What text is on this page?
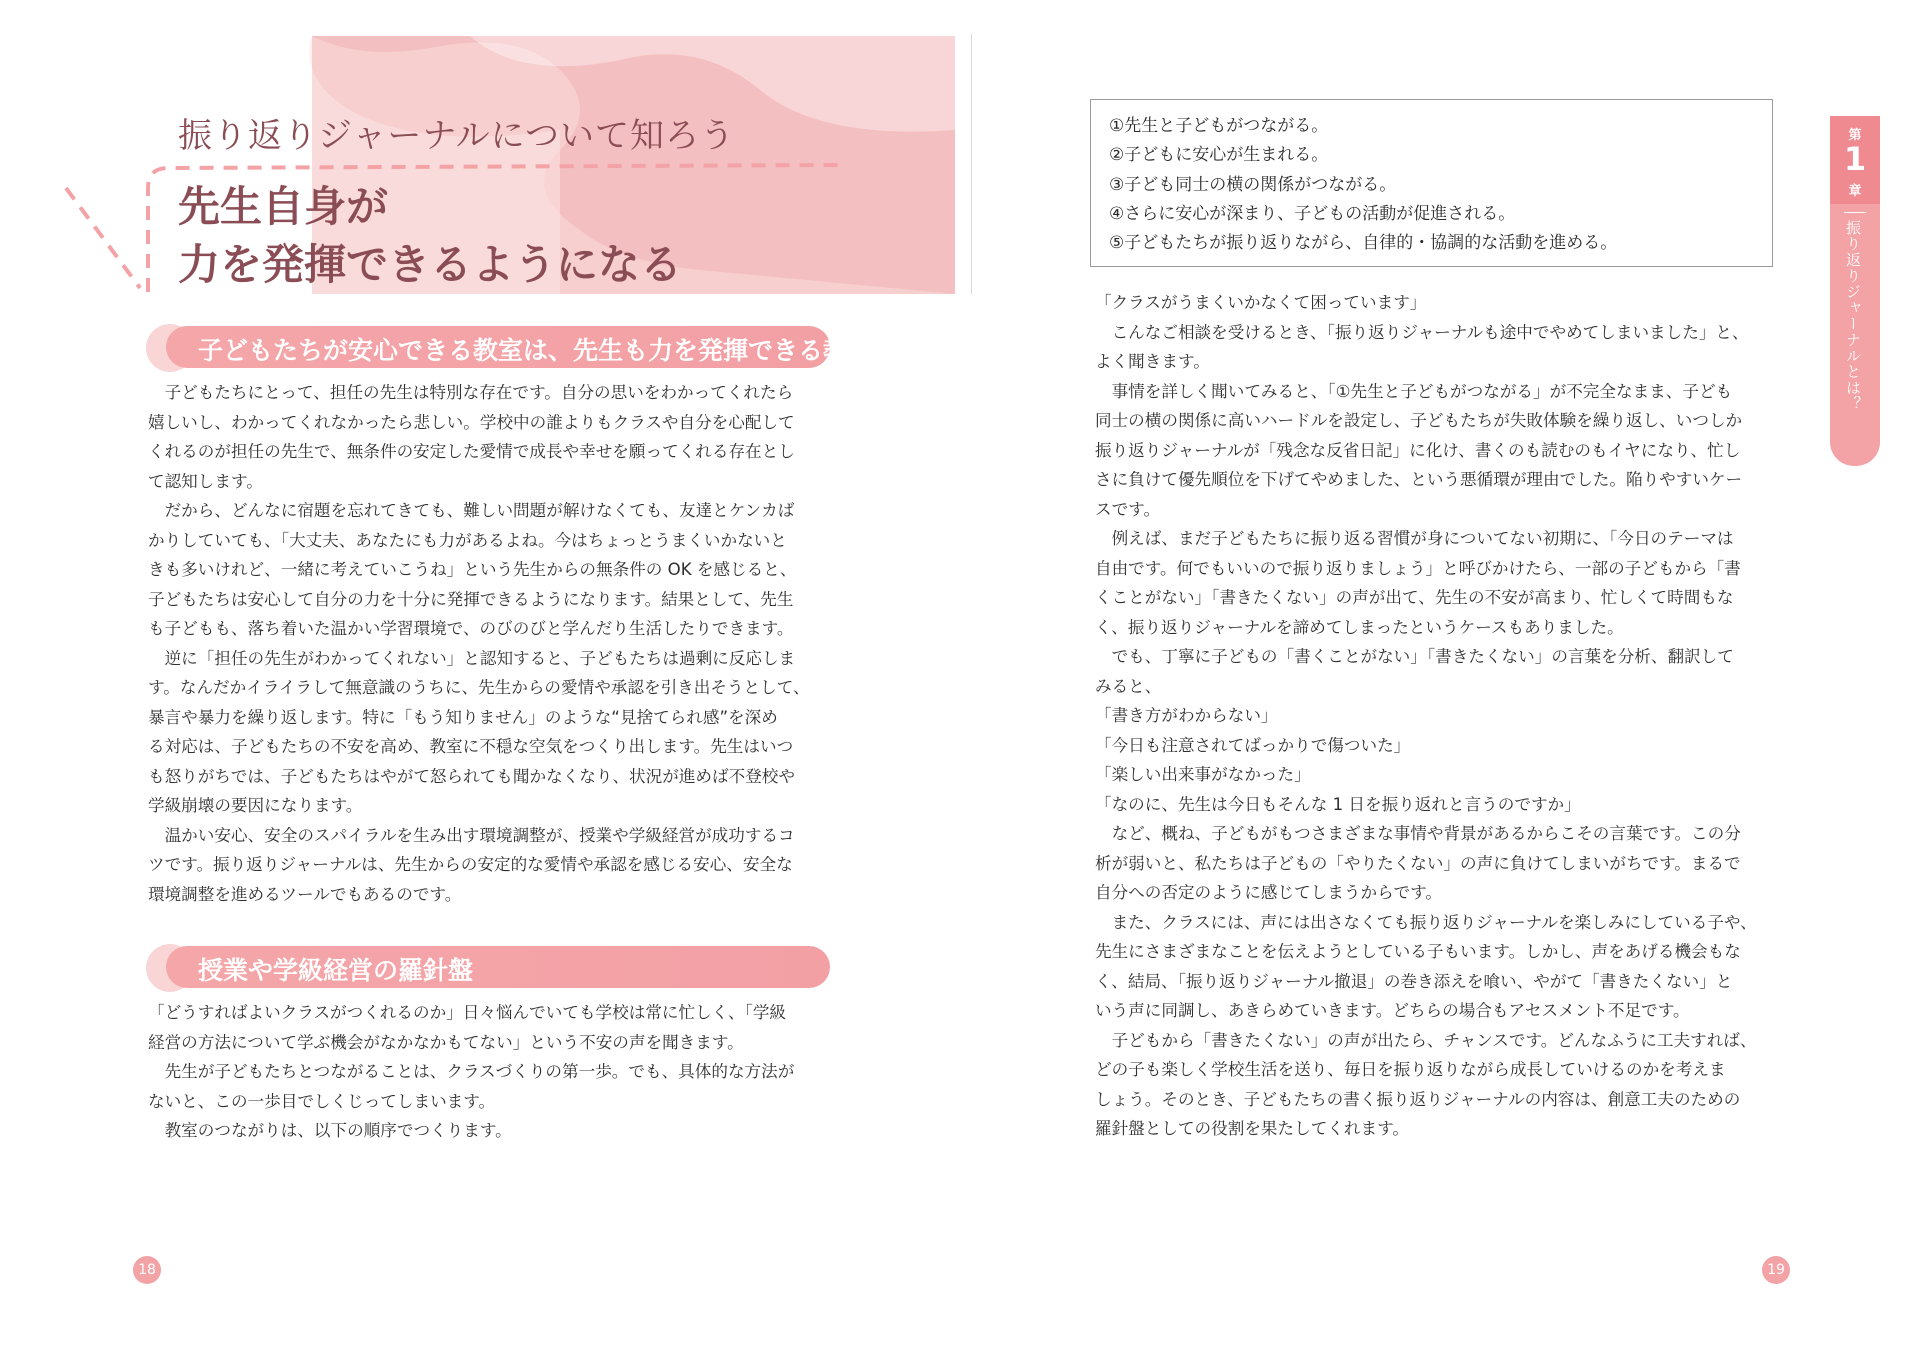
振り返りジャーナルについて知ろう
先生自身が
力を発揮できるようになる
子どもたちが安心できる教室は、先生も力を発揮できる教室

　子どもたちにとって、担任の先生は特別な存在です。自分の思いをわかってくれたら

嬉しいし、わかってくれなかったら悲しい。学校中の誰よりもクラスや自分を心配して

くれるのが担任の先生で、無条件の安定した愛情で成長や幸せを願ってくれる存在とし

て認知します。

　だから、どんなに宿題を忘れてきても、難しい問題が解けなくても、友達とケンカば

かりしていても、「大丈夫、あなたにも力があるよね。今はちょっとうまくいかないと

きも多いけれど、一緒に考えていこうね」という先生からの無条件の OK を感じると、

子どもたちは安心して自分の力を十分に発揮できるようになります。結果として、先生

も子どもも、落ち着いた温かい学習環境で、のびのびと学んだり生活したりできます。

　逆に「担任の先生がわかってくれない」と認知すると、子どもたちは過剰に反応しま

す。なんだかイライラして無意識のうちに、先生からの愛情や承認を引き出そうとして、

暴言や暴力を繰り返します。特に「もう知りません」のような“見捨てられ感”を深め

る対応は、子どもたちの不安を高め、教室に不穏な空気をつくり出します。先生はいつ

も怒りがちでは、子どもたちはやがて怒られても聞かなくなり、状況が進めば不登校や

学級崩壊の要因になります。

　温かい安心、安全のスパイラルを生み出す環境調整が、授業や学級経営が成功するコ

ツです。振り返りジャーナルは、先生からの安定的な愛情や承認を感じる安心、安全な

環境調整を進めるツールでもあるのです。

授業や学級経営の羅針盤

「どうすればよいクラスがつくれるのか」日々悩んでいても学校は常に忙しく、「学級

経営の方法について学ぶ機会がなかなかもてない」という不安の声を聞きます。

　先生が子どもたちとつながることは、クラスづくりの第一歩。でも、具体的な方法が

ないと、この一歩目でしくじってしまいます。

　教室のつながりは、以下の順序でつくります。

18

①先生と子どもがつながる。

②子どもに安心が生まれる。

③子ども同士の横の関係がつながる。

④さらに安心が深まり、子どもの活動が促進される。

⑤子どもたちが振り返りながら、自律的・協調的な活動を進める。

「クラスがうまくいかなくて困っています」

　こんなご相談を受けるとき、「振り返りジャーナルも途中でやめてしまいました」と、

よく聞きます。

　事情を詳しく聞いてみると、「①先生と子どもがつながる」が不完全なまま、子ども

同士の横の関係に高いハードルを設定し、子どもたちが失敗体験を繰り返し、いつしか

振り返りジャーナルが「残念な反省日記」に化け、書くのも読むのもイヤになり、忙し

さに負けて優先順位を下げてやめました、という悪循環が理由でした。陥りやすいケー

スです。

　例えば、まだ子どもたちに振り返る習慣が身についてない初期に、「今日のテーマは

自由です。何でもいいので振り返りましょう」と呼びかけたら、一部の子どもから「書

くことがない」「書きたくない」の声が出て、先生の不安が高まり、忙しくて時間もな

く、振り返りジャーナルを諦めてしまったというケースもありました。

　でも、丁寧に子どもの「書くことがない」「書きたくない」の言葉を分析、翻訳して

みると、

「書き方がわからない」

「今日も注意されてばっかりで傷ついた」

「楽しい出来事がなかった」

「なのに、先生は今日もそんな 1 日を振り返れと言うのですか」

　など、概ね、子どもがもつさまざまな事情や背景があるからこその言葉です。この分

析が弱いと、私たちは子どもの「やりたくない」の声に負けてしまいがちです。まるで

自分への否定のように感じてしまうからです。

　また、クラスには、声には出さなくても振り返りジャーナルを楽しみにしている子や、

先生にさまざまなことを伝えようとしている子もいます。しかし、声をあげる機会もな

く、結局、「振り返りジャーナル撤退」の巻き添えを喰い、やがて「書きたくない」と

いう声に同調し、あきらめていきます。どちらの場合もアセスメント不足です。

　子どもから「書きたくない」の声が出たら、チャンスです。どんなふうに工夫すれば、

どの子も楽しく学校生活を送り、毎日を振り返りながら成長していけるのかを考えま

しょう。そのとき、子どもたちの書く振り返りジャーナルの内容は、創意工夫のための

羅針盤としての役割を果たしてくれます。

第
1
章
振り返りジャーナルとは？
19
